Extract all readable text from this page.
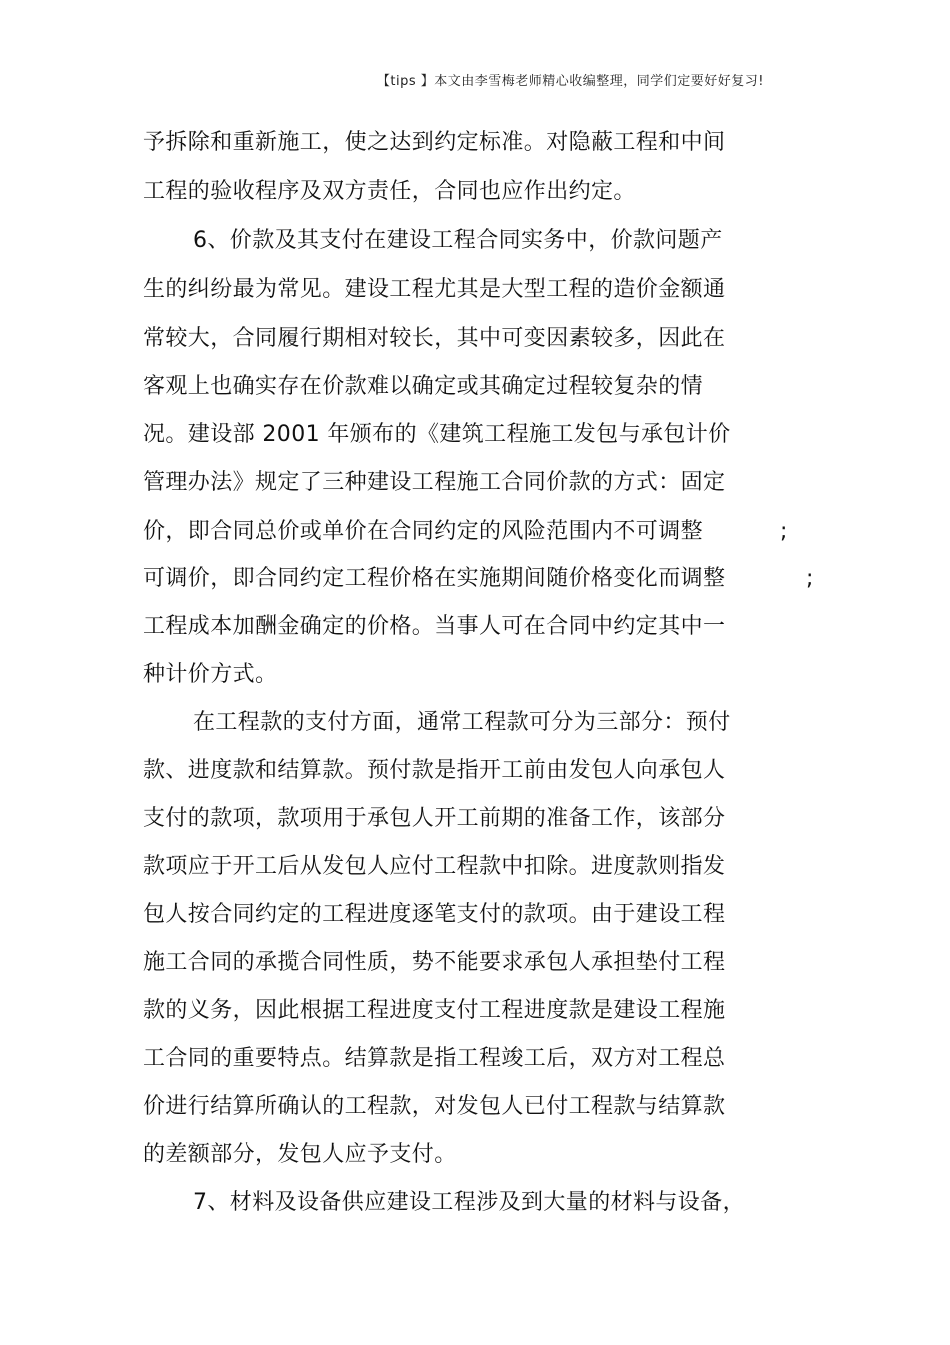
【tips 】本文由李雪梅老师精心收编整理，同学们定要好好复习!
予拆除和重新施工，使之达到约定标准。对隐蔽工程和中间
工程的验收程序及双方责任，合同也应作出约定。
6、价款及其支付在建设工程合同实务中，价款问题产
生的纠纷最为常见。建设工程尤其是大型工程的造价金额通
常较大，合同履行期相对较长，其中可变因素较多，因此在
客观上也确实存在价款难以确定或其确定过程较复杂的情
况。建设部 2001 年颁布的《建筑工程施工发包与承包计价
管理办法》规定了三种建设工程施工合同价款的方式：固定
价，即合同总价或单价在合同约定的风险范围内不可调整	;
可调价，即合同约定工程价格在实施期间随价格变化而调整	;
工程成本加酬金确定的价格。当事人可在合同中约定其中一
种计价方式。
在工程款的支付方面，通常工程款可分为三部分：预付
款、进度款和结算款。预付款是指开工前由发包人向承包人
支付的款项，款项用于承包人开工前期的准备工作，该部分
款项应于开工后从发包人应付工程款中扣除。进度款则指发
包人按合同约定的工程进度逐笔支付的款项。由于建设工程
施工合同的承揽合同性质，势不能要求承包人承担垫付工程
款的义务，因此根据工程进度支付工程进度款是建设工程施
工合同的重要特点。结算款是指工程竣工后，双方对工程总
价进行结算所确认的工程款，对发包人已付工程款与结算款
的差额部分，发包人应予支付。
7、材料及设备供应建设工程涉及到大量的材料与设备，
